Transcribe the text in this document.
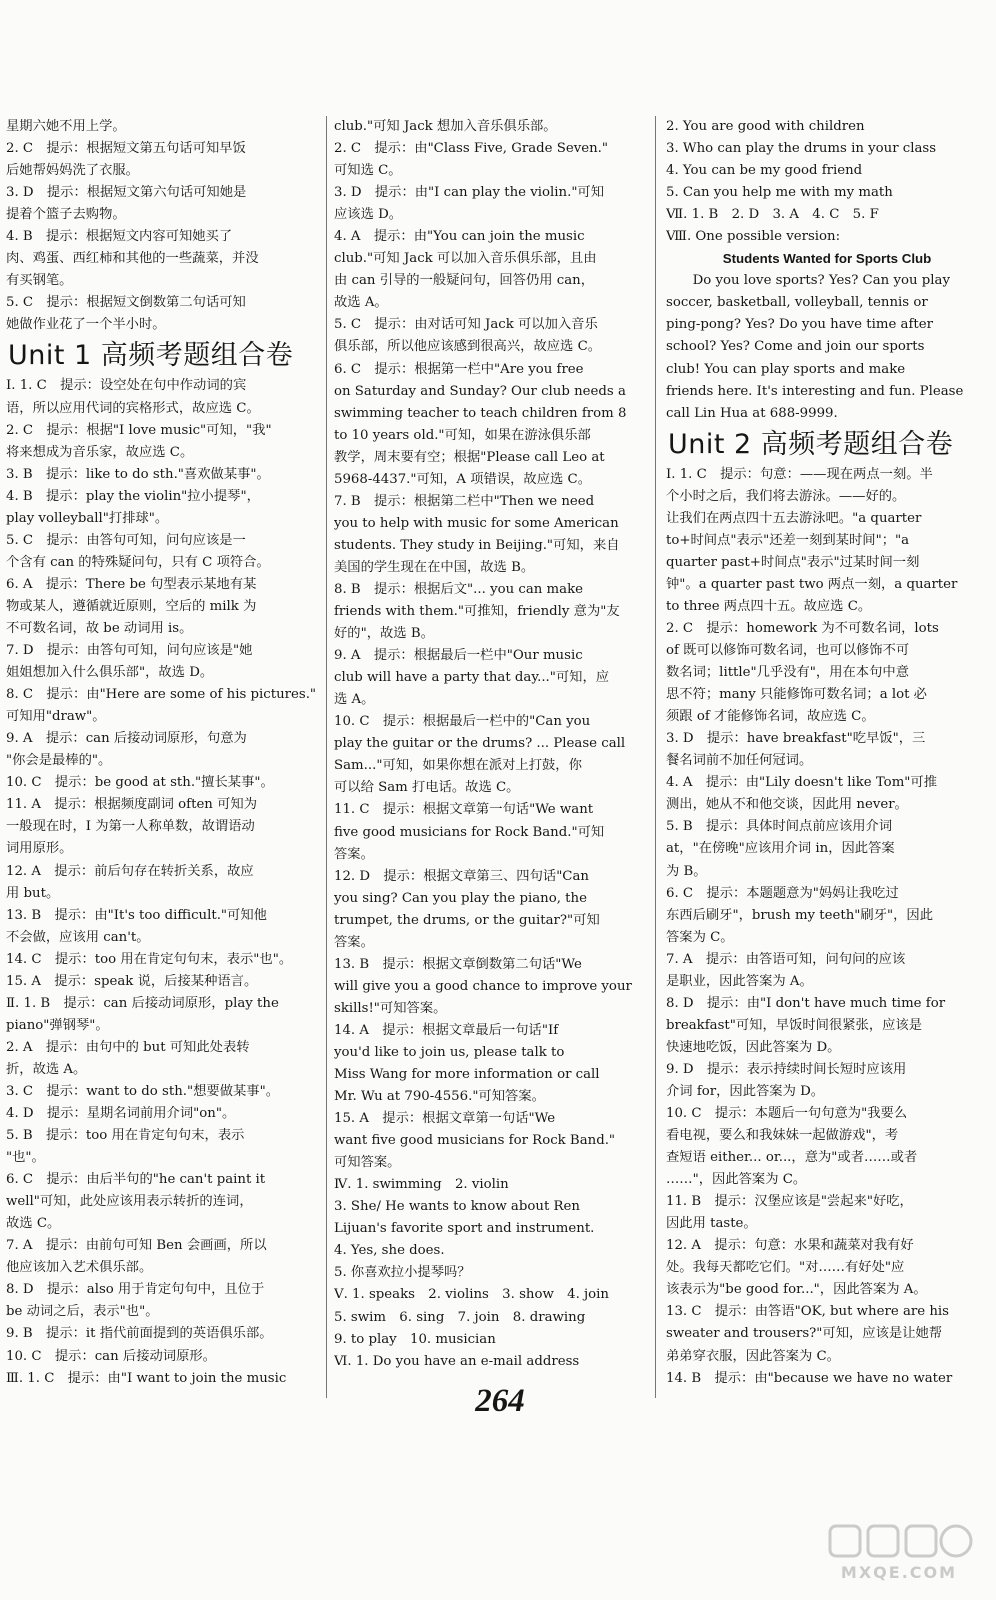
星期六她不用上学。
2. C　提示：根据短文第五句话可知早饭
后她帮妈妈洗了衣服。
3. D　提示：根据短文第六句话可知她是
提着个篮子去购物。
4. B　提示：根据短文内容可知她买了
肉、鸡蛋、西红柿和其他的一些蔬菜，并没
有买钢笔。
5. C　提示：根据短文倒数第二句话可知
她做作业花了一个半小时。
Unit 1 高频考题组合卷
Ⅰ. 1. C　提示：设空处在句中作动词的宾
语，所以应用代词的宾格形式，故应选 C。
2. C　提示：根据"I love music"可知，"我"
将来想成为音乐家，故应选 C。
3. B　提示：like to do sth."喜欢做某事"。
4. B　提示：play the violin"拉小提琴"，
play volleyball"打排球"。
5. C　提示：由答句可知，问句应该是一
个含有 can 的特殊疑问句，只有 C 项符合。
6. A　提示：There be 句型表示某地有某
物或某人，遵循就近原则，空后的 milk 为
不可数名词，故 be 动词用 is。
7. D　提示：由答句可知，问句应该是"她
姐姐想加入什么俱乐部"，故选 D。
8. C　提示：由"Here are some of his pictures."
可知用"draw"。
9. A　提示：can 后接动词原形，句意为
"你会是最棒的"。
10. C　提示：be good at sth."擅长某事"。
11. A　提示：根据频度副词 often 可知为
一般现在时，I 为第一人称单数，故谓语动
词用原形。
12. A　提示：前后句存在转折关系，故应
用 but。
13. B　提示：由"It's too difficult."可知他
不会做，应该用 can't。
14. C　提示：too 用在肯定句句末，表示"也"。
15. A　提示：speak 说，后接某种语言。
Ⅱ. 1. B　提示：can 后接动词原形，play the
piano"弹钢琴"。
2. A　提示：由句中的 but 可知此处表转
折，故选 A。
3. C　提示：want to do sth."想要做某事"。
4. D　提示：星期名词前用介词"on"。
5. B　提示：too 用在肯定句句末，表示
"也"。
6. C　提示：由后半句的"he can't paint it
well"可知，此处应该用表示转折的连词，
故选 C。
7. A　提示：由前句可知 Ben 会画画，所以
他应该加入艺术俱乐部。
8. D　提示：also 用于肯定句句中，且位于
be 动词之后，表示"也"。
9. B　提示：it 指代前面提到的英语俱乐部。
10. C　提示：can 后接动词原形。
Ⅲ. 1. C　提示：由"I want to join the music
club."可知 Jack 想加入音乐俱乐部。
2. C　提示：由"Class Five, Grade Seven."
可知选 C。
3. D　提示：由"I can play the violin."可知
应该选 D。
4. A　提示：由"You can join the music
club."可知 Jack 可以加入音乐俱乐部，且由
由 can 引导的一般疑问句，回答仍用 can，
故选 A。
5. C　提示：由对话可知 Jack 可以加入音乐
俱乐部，所以他应该感到很高兴，故应选 C。
6. C　提示：根据第一栏中"Are you free
on Saturday and Sunday? Our club needs a
swimming teacher to teach children from 8
to 10 years old."可知，如果在游泳俱乐部
教学，周末要有空；根据"Please call Leo at
5968-4437."可知，A 项错误，故应选 C。
7. B　提示：根据第二栏中"Then we need
you to help with music for some American
students. They study in Beijing."可知，来自
美国的学生现在在中国，故选 B。
8. B　提示：根据后文"... you can make
friends with them."可推知，friendly 意为"友
好的"，故选 B。
9. A　提示：根据最后一栏中"Our music
club will have a party that day..."可知，应
选 A。
10. C　提示：根据最后一栏中的"Can you
play the guitar or the drums? ... Please call
Sam..."可知，如果你想在派对上打鼓，你
可以给 Sam 打电话。故选 C。
11. C　提示：根据文章第一句话"We want
five good musicians for Rock Band."可知
答案。
12. D　提示：根据文章第三、四句话"Can
you sing? Can you play the piano, the
trumpet, the drums, or the guitar?"可知
答案。
13. B　提示：根据文章倒数第二句话"We
will give you a good chance to improve your
skills!"可知答案。
14. A　提示：根据文章最后一句话"If
you'd like to join us, please talk to
Miss Wang for more information or call
Mr. Wu at 790-4556."可知答案。
15. A　提示：根据文章第一句话"We
want five good musicians for Rock Band."
可知答案。
Ⅳ. 1. swimming　2. violin
3. She/ He wants to know about Ren
Lijuan's favorite sport and instrument.
4. Yes, she does.
5. 你喜欢拉小提琴吗？
Ⅴ. 1. speaks　2. violins　3. show　4. join
5. swim　6. sing　7. join　8. drawing
9. to play　10. musician
Ⅵ. 1. Do you have an e-mail address
2. You are good with children
3. Who can play the drums in your class
4. You can be my good friend
5. Can you help me with my math
Ⅶ. 1. B　2. D　3. A　4. C　5. F
Ⅷ. One possible version:
Students Wanted for Sports Club
　　Do you love sports? Yes? Can you play
soccer, basketball, volleyball, tennis or
ping-pong? Yes? Do you have time after
school? Yes? Come and join our sports
club! You can play sports and make
friends here. It's interesting and fun. Please
call Lin Hua at 688-9999.
Unit 2 高频考题组合卷
Ⅰ. 1. C　提示：句意：——现在两点一刻。半
个小时之后，我们将去游泳。——好的。
让我们在两点四十五去游泳吧。"a quarter
to+时间点"表示"还差一刻到某时间"；"a
quarter past+时间点"表示"过某时间一刻
钟"。a quarter past two 两点一刻，a quarter
to three 两点四十五。故应选 C。
2. C　提示：homework 为不可数名词，lots
of 既可以修饰可数名词，也可以修饰不可
数名词；little"几乎没有"，用在本句中意
思不符；many 只能修饰可数名词；a lot 必
须跟 of 才能修饰名词，故应选 C。
3. D　提示：have breakfast"吃早饭"，三
餐名词前不加任何冠词。
4. A　提示：由"Lily doesn't like Tom"可推
测出，她从不和他交谈，因此用 never。
5. B　提示：具体时间点前应该用介词
at，"在傍晚"应该用介词 in，因此答案
为 B。
6. C　提示：本题题意为"妈妈让我吃过
东西后刷牙"，brush my teeth"刷牙"，因此
答案为 C。
7. A　提示：由答语可知，问句问的应该
是职业，因此答案为 A。
8. D　提示：由"I don't have much time for
breakfast"可知，早饭时间很紧张，应该是
快速地吃饭，因此答案为 D。
9. D　提示：表示持续时间长短时应该用
介词 for，因此答案为 D。
10. C　提示：本题后一句句意为"我要么
看电视，要么和我妹妹一起做游戏"，考
查短语 either... or...，意为"或者……或者
……"，因此答案为 C。
11. B　提示：汉堡应该是"尝起来"好吃，
因此用 taste。
12. A　提示：句意：水果和蔬菜对我有好
处。我每天都吃它们。"对……有好处"应
该表示为"be good for..."，因此答案为 A。
13. C　提示：由答语"OK, but where are his
sweater and trousers?"可知，应该是让她帮
弟弟穿衣服，因此答案为 C。
14. B　提示：由"because we have no water
264
MXQE.COM
